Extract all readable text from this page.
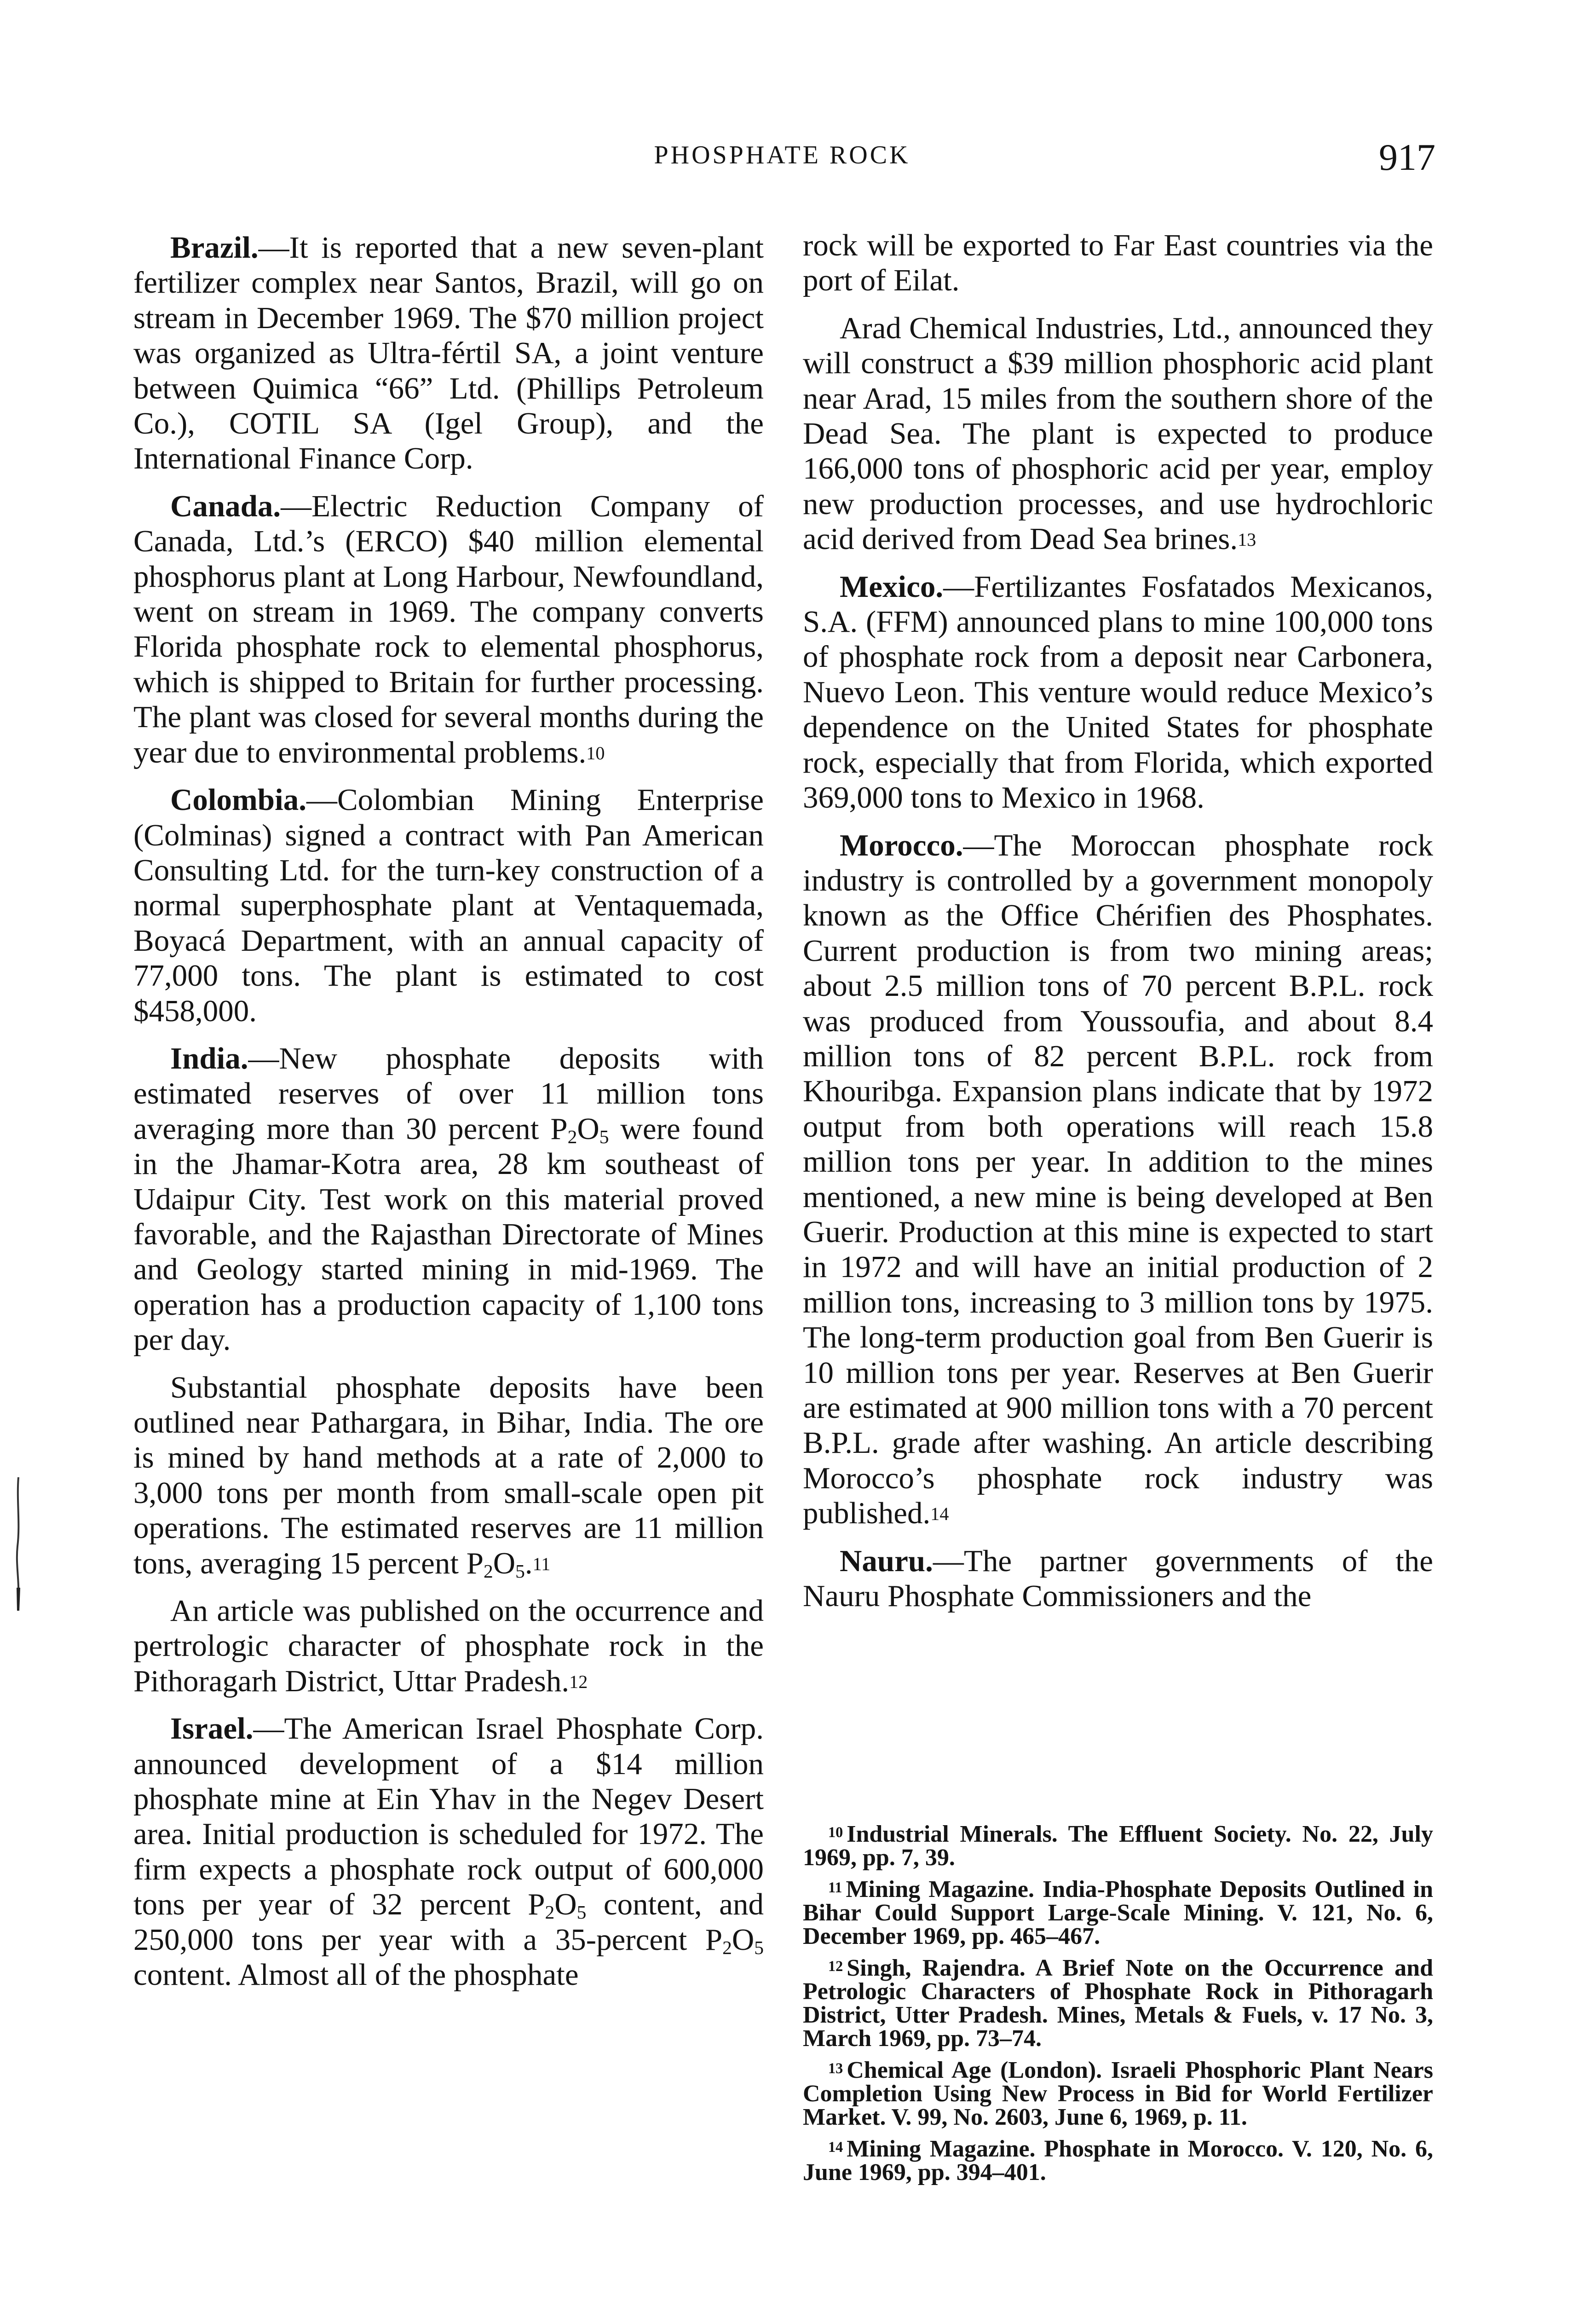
PHOSPHATE ROCK	917

Brazil.—It is reported that a new seven-plant fertilizer complex near Santos, Brazil, will go on stream in December 1969. The $70 million project was organized as Ultra-fértil SA, a joint venture between Quimica “66” Ltd. (Phillips Petroleum Co.), COTIL SA (Igel Group), and the International Finance Corp.

Canada.—Electric Reduction Company of Canada, Ltd.’s (ERCO) $40 million elemental phosphorus plant at Long Harbour, Newfoundland, went on stream in 1969. The company converts Florida phosphate rock to elemental phosphorus, which is shipped to Britain for further processing. The plant was closed for several months during the year due to environmental problems.$^{10}$

Colombia.—Colombian Mining Enterprise (Colminas) signed a contract with Pan American Consulting Ltd. for the turn-key construction of a normal superphosphate plant at Ventaquemada, Boyacá Department, with an annual capacity of 77,000 tons. The plant is estimated to cost $458,000.

India.—New phosphate deposits with estimated reserves of over 11 million tons averaging more than 30 percent $P_2O_5$ were found in the Jhamar-Kotra area, 28 km southeast of Udaipur City. Test work on this material proved favorable, and the Rajasthan Directorate of Mines and Geology started mining in mid-1969. The operation has a production capacity of 1,100 tons per day.

Substantial phosphate deposits have been outlined near Pathargara, in Bihar, India. The ore is mined by hand methods at a rate of 2,000 to 3,000 tons per month from small-scale open pit operations. The estimated reserves are 11 million tons, averaging 15 percent $P_2O_5.^{11}$

An article was published on the occurrence and pertrologic character of phosphate rock in the Pithoragarh District, Uttar Pradesh.$^{12}$

Israel.—The American Israel Phosphate Corp. announced development of a $14 million phosphate mine at Ein Yhav in the Negev Desert area. Initial production is scheduled for 1972. The firm expects a phosphate rock output of 600,000 tons per year of 32 percent $P_2O_5$ content, and 250,000 tons per year with a 35-percent $P_2O_5$ content. Almost all of the phosphate

rock will be exported to Far East countries via the port of Eilat.

Arad Chemical Industries, Ltd., announced they will construct a $39 million phosphoric acid plant near Arad, 15 miles from the southern shore of the Dead Sea. The plant is expected to produce 166,000 tons of phosphoric acid per year, employ new production processes, and use hydrochloric acid derived from Dead Sea brines.$^{13}$

Mexico.—Fertilizantes Fosfatados Mexicanos, S.A. (FFM) announced plans to mine 100,000 tons of phosphate rock from a deposit near Carbonera, Nuevo Leon. This venture would reduce Mexico’s dependence on the United States for phosphate rock, especially that from Florida, which exported 369,000 tons to Mexico in 1968.

Morocco.—The Moroccan phosphate rock industry is controlled by a government monopoly known as the Office Chérifien des Phosphates. Current production is from two mining areas; about 2.5 million tons of 70 percent B.P.L. rock was produced from Youssoufia, and about 8.4 million tons of 82 percent B.P.L. rock from Khouribga. Expansion plans indicate that by 1972 output from both operations will reach 15.8 million tons per year. In addition to the mines mentioned, a new mine is being developed at Ben Guerir. Production at this mine is expected to start in 1972 and will have an initial production of 2 million tons, increasing to 3 million tons by 1975. The long-term production goal from Ben Guerir is 10 million tons per year. Reserves at Ben Guerir are estimated at 900 million tons with a 70 percent B.P.L. grade after washing. An article describing Morocco’s phosphate rock industry was published.$^{14}$

Nauru.—The partner governments of the Nauru Phosphate Commissioners and the

10 Industrial Minerals. The Effluent Society. No. 22, July 1969, pp. 7, 39.

11 Mining Magazine. India-Phosphate Deposits Outlined in Bihar Could Support Large-Scale Mining. V. 121, No. 6, December 1969, pp. 465–467.

12 Singh, Rajendra. A Brief Note on the Occurrence and Petrologic Characters of Phosphate Rock in Pithoragarh District, Utter Pradesh. Mines, Metals & Fuels, v. 17 No. 3, March 1969, pp. 73–74.

13 Chemical Age (London). Israeli Phosphoric Plant Nears Completion Using New Process in Bid for World Fertilizer Market. V. 99, No. 2603, June 6, 1969, p. 11.

14 Mining Magazine. Phosphate in Morocco. V. 120, No. 6, June 1969, pp. 394–401.
